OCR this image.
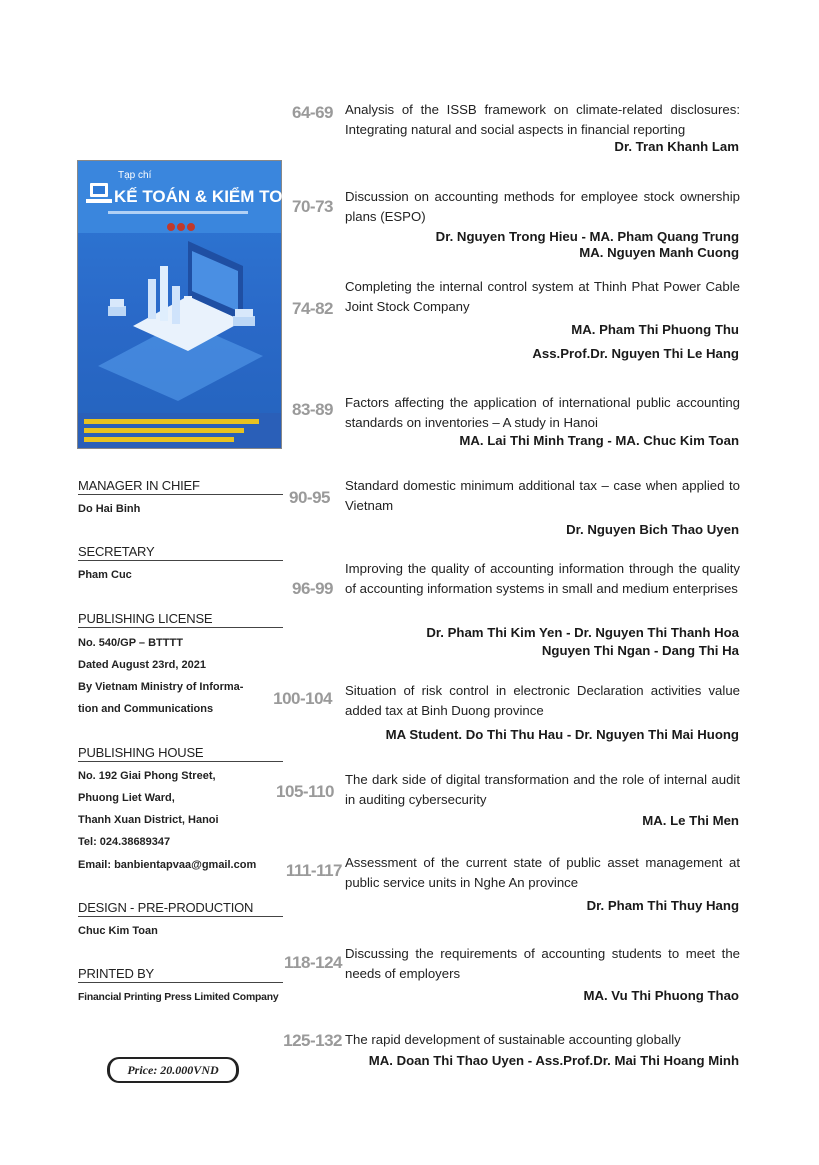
Tạp chí
KẾ TOÁN & KIỂM TOÁN
64-69 Analysis of the ISSB framework on climate-related disclosures: Integrating natural and social aspects in financial reporting
Dr. Tran Khanh Lam
70-73
Discussion on accounting methods for employee stock ownership plans (ESPO)
Dr. Nguyen Trong Hieu - MA. Pham Quang Trung
MA. Nguyen Manh Cuong
74-82
Completing the internal control system at Thinh Phat Power Cable Joint Stock Company
MA. Pham Thi Phuong Thu
Ass.Prof.Dr. Nguyen Thi Le Hang
83-89 Factors affecting the application of international public accounting standards on inventories – A study in Hanoi
MA. Lai Thi Minh Trang - MA. Chuc Kim Toan
90-95
Standard domestic minimum additional tax – case when applied to Vietnam
Dr. Nguyen Bich Thao Uyen
96-99
Improving the quality of accounting information through the quality of accounting information systems in small and medium enterprises
Dr. Pham Thi Kim Yen - Dr. Nguyen Thi Thanh Hoa
Nguyen Thi Ngan - Dang Thi Ha
100-104 Situation of risk control in electronic Declaration activities value added tax at Binh Duong province
MA Student. Do Thi Thu Hau - Dr. Nguyen Thi Mai Huong
105-110
The dark side of digital transformation and the role of internal audit in auditing cybersecurity
MA. Le Thi Men
111-117 Assessment of the current state of public asset management at public service units in Nghe An province
Dr. Pham Thi Thuy Hang
118-124 Discussing the requirements of accounting students to meet the needs of employers
MA. Vu Thi Phuong Thao
125-132 The rapid development of sustainable accounting globally
MA. Doan Thi Thao Uyen - Ass.Prof.Dr. Mai Thi Hoang Minh
MANAGER IN CHIEF
Do Hai Binh
SECRETARY
Pham Cuc
PUBLISHING LICENSE
No. 540/GP – BTTTT
Dated August 23rd, 2021
By Vietnam Ministry of Informa-
tion and Communications
PUBLISHING HOUSE
No. 192 Giai Phong Street,
Phuong Liet Ward,
Thanh Xuan District, Hanoi
Tel: 024.38689347
Email: banbientapvaa@gmail.com
DESIGN - PRE-PRODUCTION
Chuc Kim Toan
PRINTED BY
Financial Printing Press Limited Company
Price: 20.000VND
